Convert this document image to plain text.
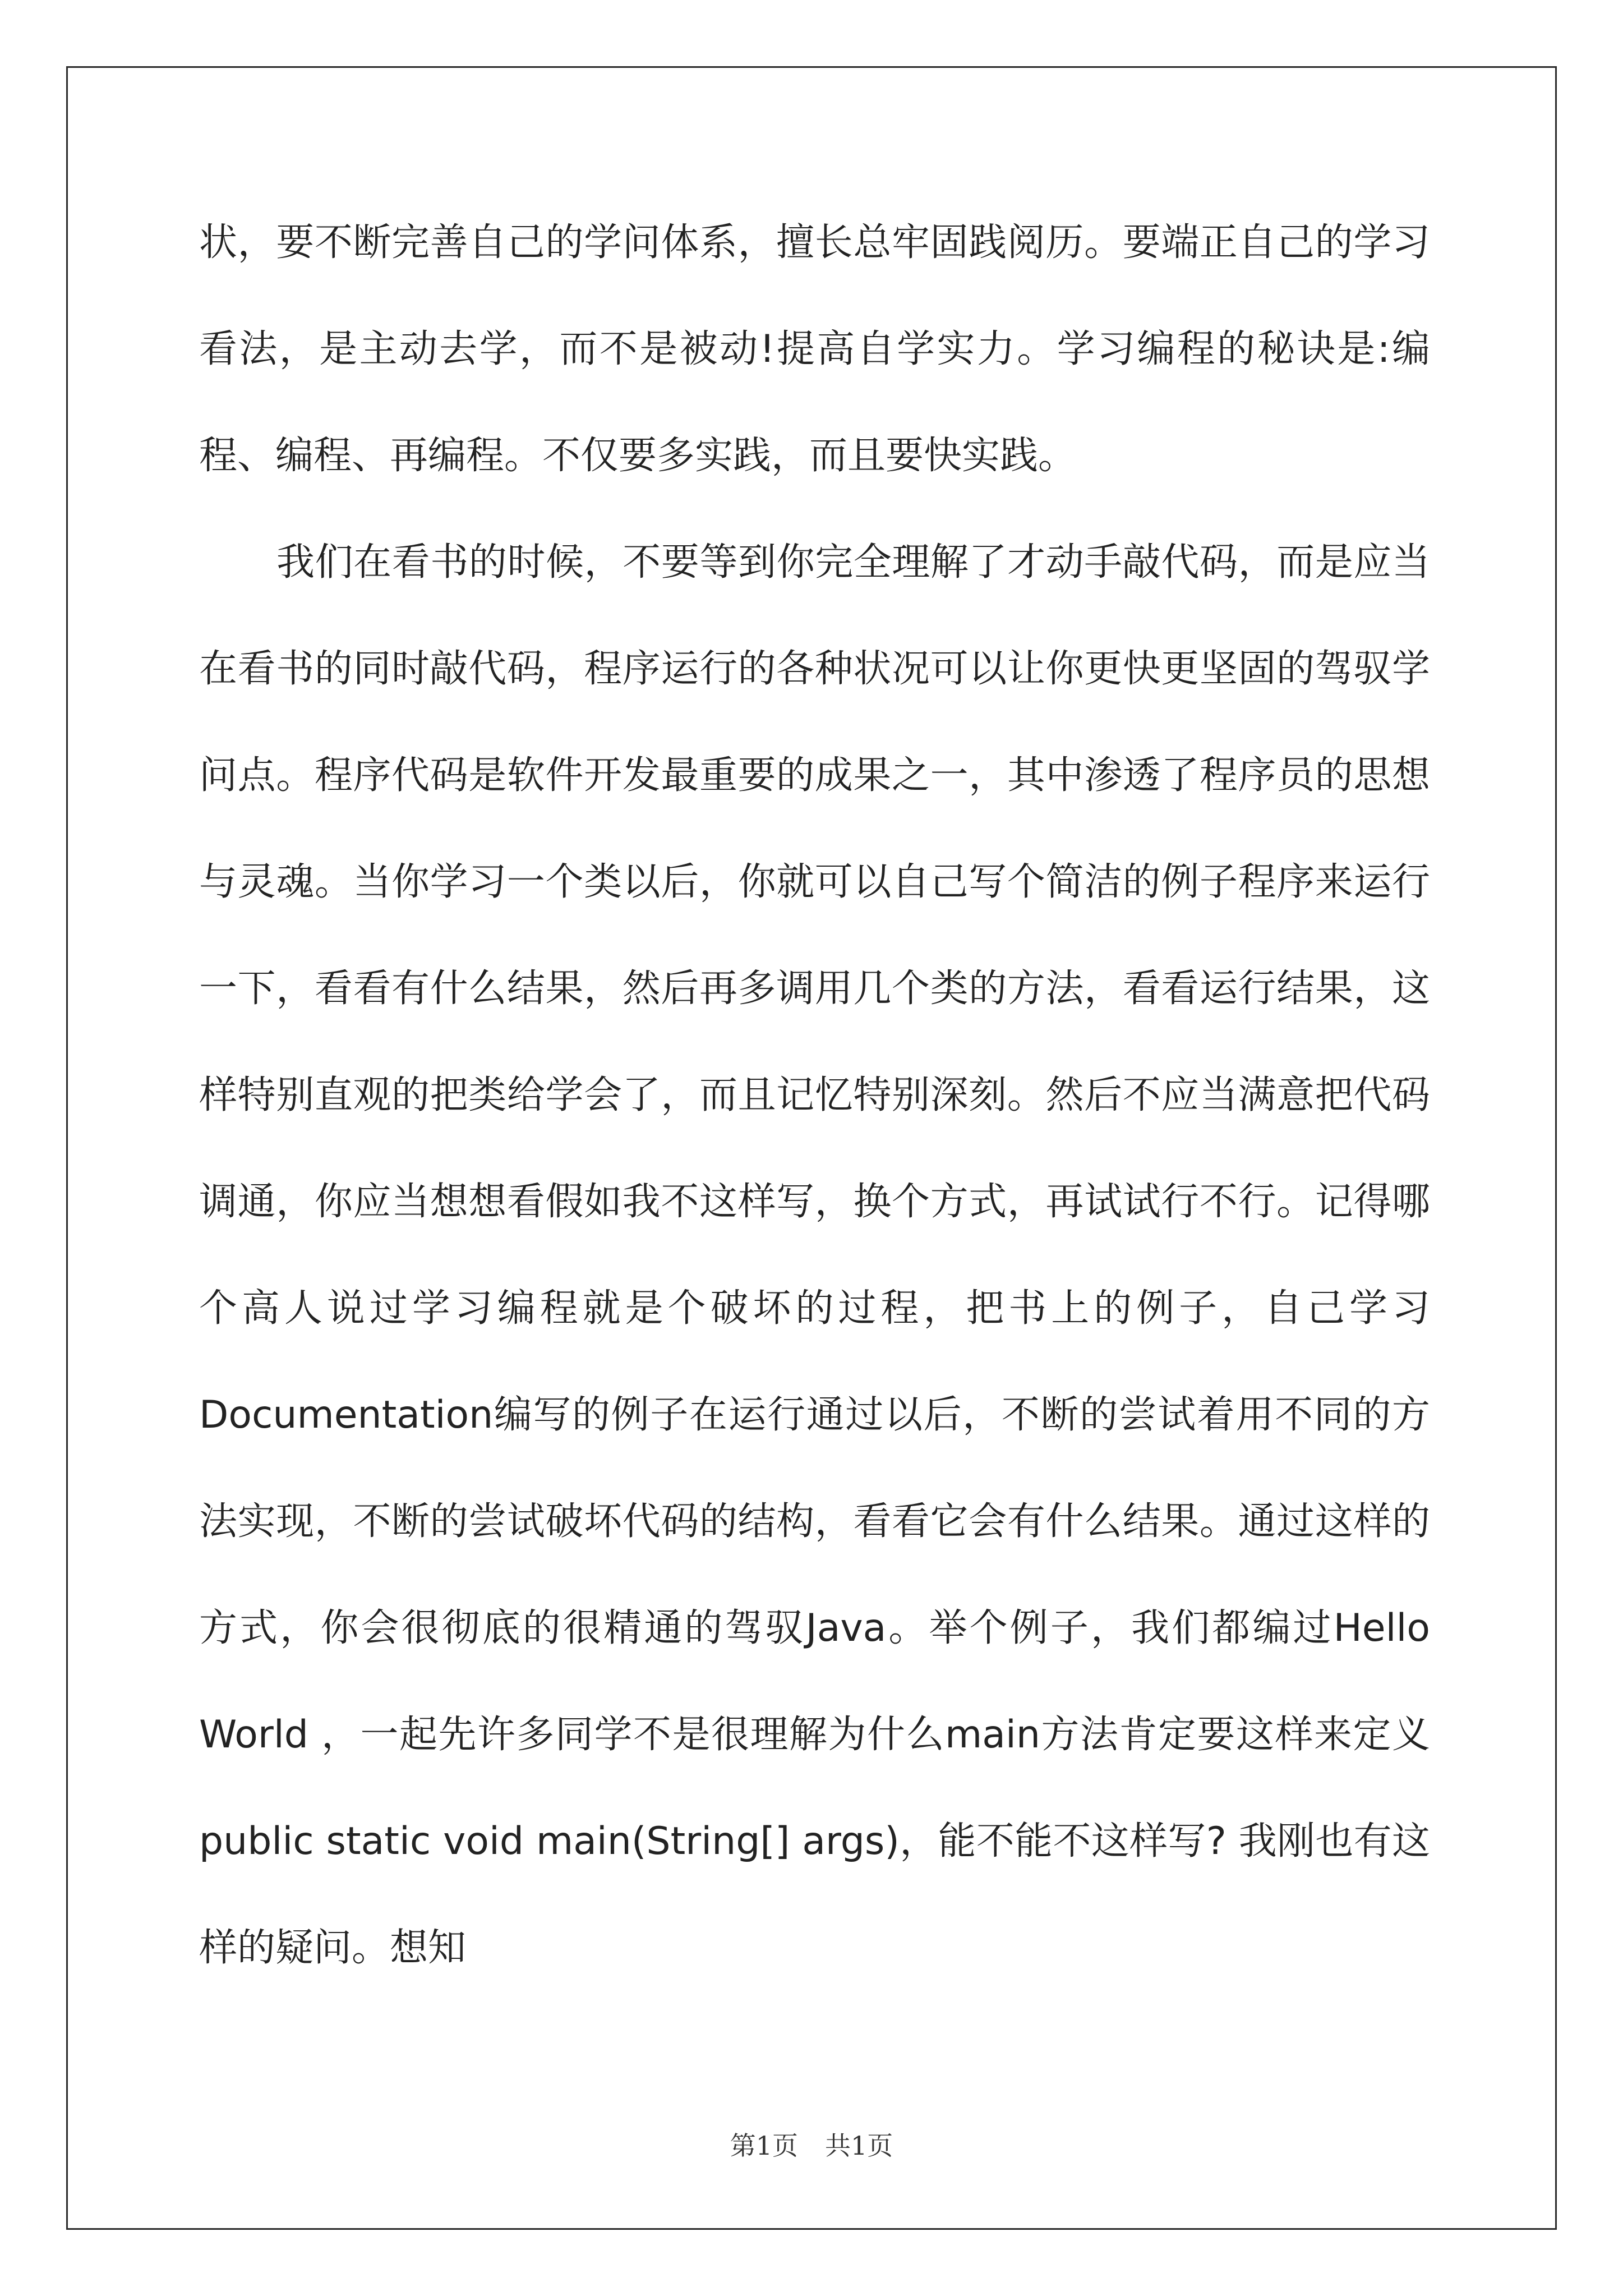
状，要不断完善自己的学问体系，擅长总牢固践阅历。要端正自己的学习看法，是主动去学，而不是被动!提高自学实力。学习编程的秘诀是:编程、编程、再编程。不仅要多实践，而且要快实践。

我们在看书的时候，不要等到你完全理解了才动手敲代码，而是应当在看书的同时敲代码，程序运行的各种状况可以让你更快更坚固的驾驭学问点。程序代码是软件开发最重要的成果之一，其中渗透了程序员的思想与灵魂。当你学习一个类以后，你就可以自己写个简洁的例子程序来运行一下，看看有什么结果，然后再多调用几个类的方法，看看运行结果，这样特别直观的把类给学会了，而且记忆特别深刻。然后不应当满意把代码调通，你应当想想看假如我不这样写，换个方式，再试试行不行。记得哪个高人说过学习编程就是个破坏的过程，把书上的例子，自己学习Documentation编写的例子在运行通过以后，不断的尝试着用不同的方法实现，不断的尝试破坏代码的结构，看看它会有什么结果。通过这样的方式，你会很彻底的很精通的驾驭Java。举个例子，我们都编过Hello World ，一起先许多同学不是很理解为什么main方法肯定要这样来定义public static void main(String[] args)，能不能不这样写? 我刚也有这样的疑问。想知

第1页 共1页
